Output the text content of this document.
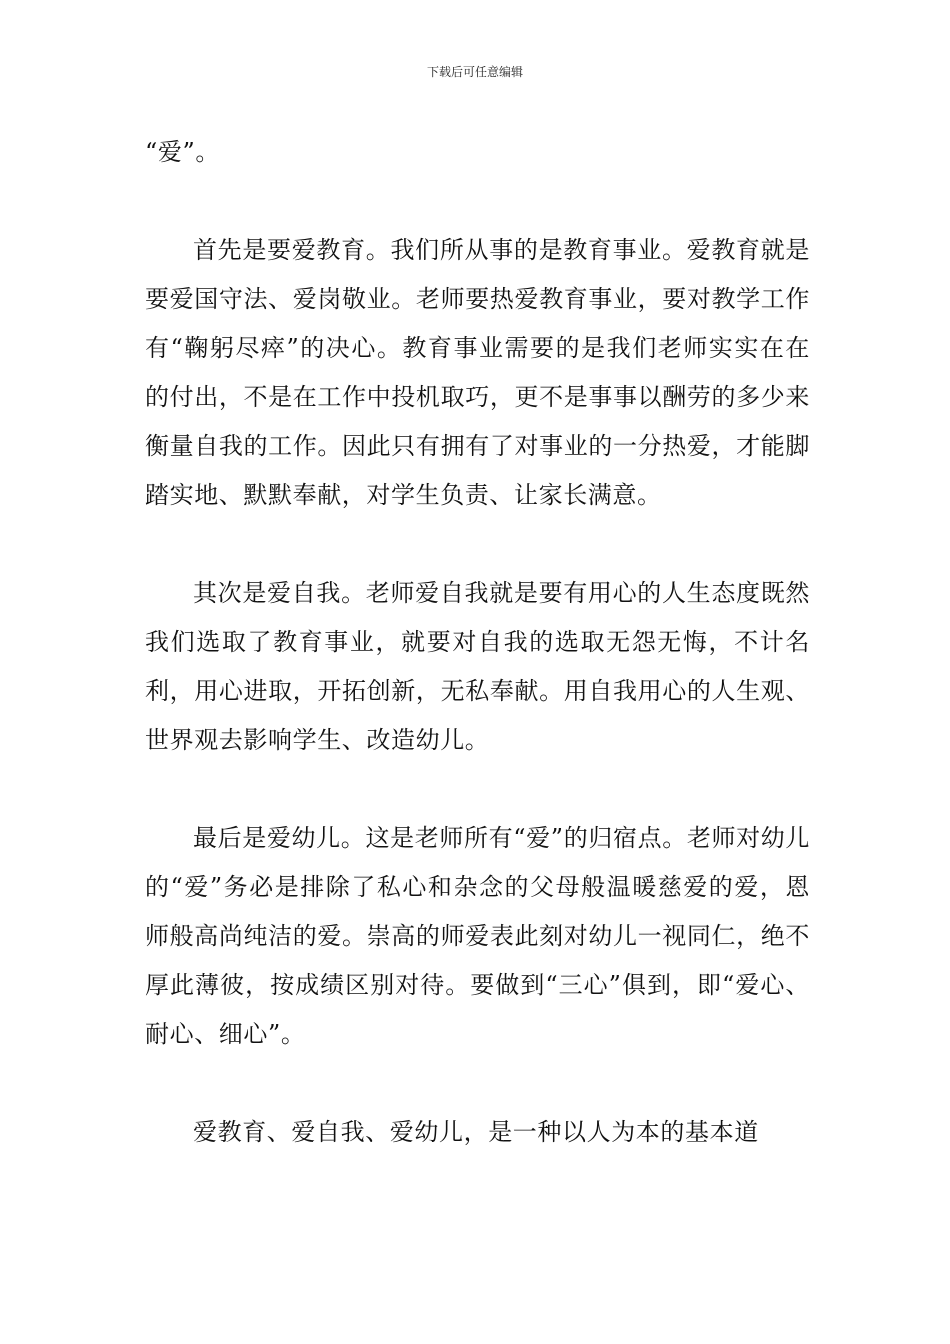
下载后可任意编辑

“爱”。

首先是要爱教育。我们所从事的是教育事业。爱教育就是要爱国守法、爱岗敬业。老师要热爱教育事业，要对教学工作有“鞠躬尽瘁”的决心。教育事业需要的是我们老师实实在在的付出，不是在工作中投机取巧，更不是事事以酬劳的多少来衡量自我的工作。因此只有拥有了对事业的一分热爱，才能脚踏实地、默默奉献，对学生负责、让家长满意。

其次是爱自我。老师爱自我就是要有用心的人生态度既然我们选取了教育事业，就要对自我的选取无怨无悔，不计名利，用心进取，开拓创新，无私奉献。用自我用心的人生观、世界观去影响学生、改造幼儿。

最后是爱幼儿。这是老师所有“爱”的归宿点。老师对幼儿的“爱”务必是排除了私心和杂念的父母般温暖慈爱的爱，恩师般高尚纯洁的爱。崇高的师爱表此刻对幼儿一视同仁，绝不厚此薄彼，按成绩区别对待。要做到“三心”俱到，即“爱心、耐心、细心”。

爱教育、爱自我、爱幼儿，是一种以人为本的基本道
